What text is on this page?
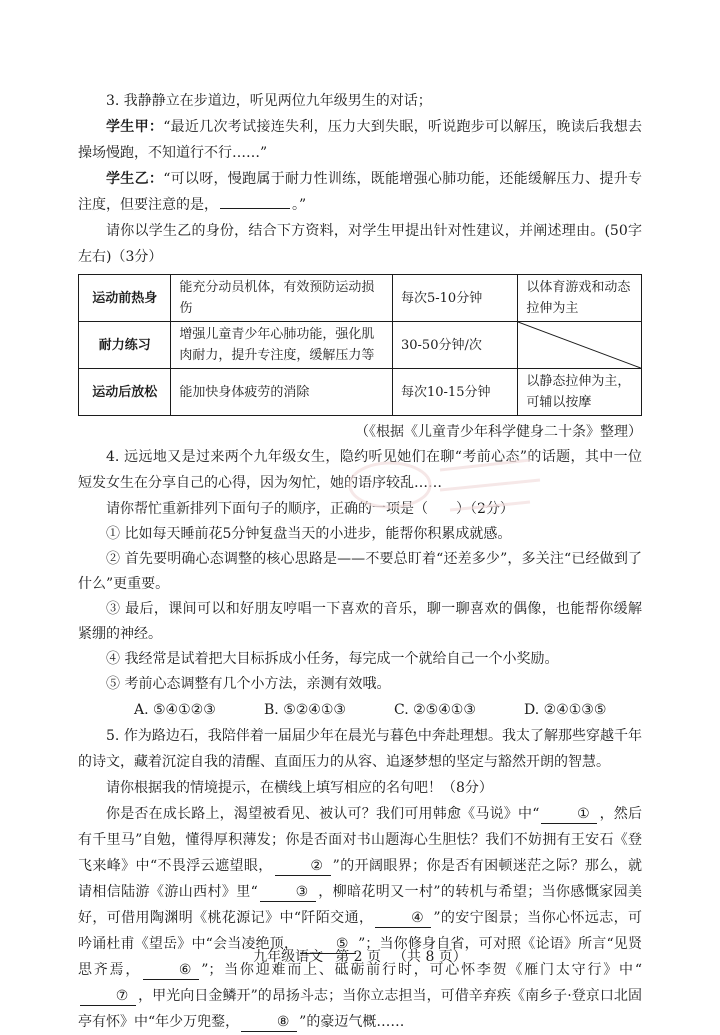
3. 我静静立在步道边，听见两位九年级男生的对话；

学生甲：“最近几次考试接连失利，压力大到失眠，听说跑步可以解压，晚读后我想去操场慢跑，不知道行不行……”

学生乙：“可以呀，慢跑属于耐力性训练，既能增强心肺功能，还能缓解压力、提升专注度，但要注意的是，	。”

请你以学生乙的身份，结合下方资料，对学生甲提出针对性建议，并阐述理由。(50字左右)（3分）

运动前热身	能充分动员机体，有效预防运动损伤	每次5-10分钟	以体育游戏和动态拉伸为主
耐力练习	增强儿童青少年心肺功能，强化肌肉耐力，提升专注度，缓解压力等	30-50分钟/次	

运动后放松	能加快身体疲劳的消除	每次10-15分钟	以静态拉伸为主，可辅以按摩

（《根据《儿童青少年科学健身二十条》整理）

4. 远远地又是过来两个九年级女生，隐约听见她们在聊“考前心态”的话题，其中一位短发女生在分享自己的心得，因为匆忙，她的语序较乱……

请你帮忙重新排列下面句子的顺序，正确的一项是（　　）（2分）

① 比如每天睡前花5分钟复盘当天的小进步，能帮你积累成就感。

② 首先要明确心态调整的核心思路是——不要总盯着“还差多少”，多关注“已经做到了什么”更重要。

③ 最后，课间可以和好朋友哼唱一下喜欢的音乐，聊一聊喜欢的偶像，也能帮你缓解紧绷的神经。

④ 我经常是试着把大目标拆成小任务，每完成一个就给自己一个小奖励。

⑤ 考前心态调整有几个小方法，亲测有效哦。

A. ⑤④①②③	B. ⑤②④①③	C. ②⑤④①③	D. ②④①③⑤

5. 作为路边石，我陪伴着一届届少年在晨光与暮色中奔赴理想。我太了解那些穿越千年的诗文，藏着沉淀自我的清醒、直面压力的从容、追逐梦想的坚定与豁然开朗的智慧。

请你根据我的情境提示，在横线上填写相应的名句吧！（8分）

你是否在成长路上，渴望被看见、被认可？我们可用韩愈《马说》中“	① ，然后有千里马”自勉，懂得厚积薄发；你是否面对书山题海心生胆怯？我们不妨拥有王安石《登飞来峰》中“不畏浮云遮望眼，	② ”的开阔眼界；你是否有困顿迷茫之际？那么，就请相信陆游《游山西村》里“	③ ，柳暗花明又一村”的转机与希望；当你感慨家园美好，可借用陶渊明《桃花源记》中“阡陌交通，	④ ”的安宁图景；当你心怀远志，可吟诵杜甫《望岳》中“会当凌绝顶，	⑤ ”；当你修身自省，可对照《论语》所言“见贤思齐焉，	⑥ ”；当你迎难而上、砥砺前行时，可心怀李贺《雁门太守行》中“⑦ ，甲光向日金鳞开”的昂扬斗志；当你立志担当，可借辛弃疾《南乡子·登京口北固亭有怀》中“年少万兜鍪，	⑧ ”的豪迈气概……

九年级语文 第 2 页 （共 8 页）
